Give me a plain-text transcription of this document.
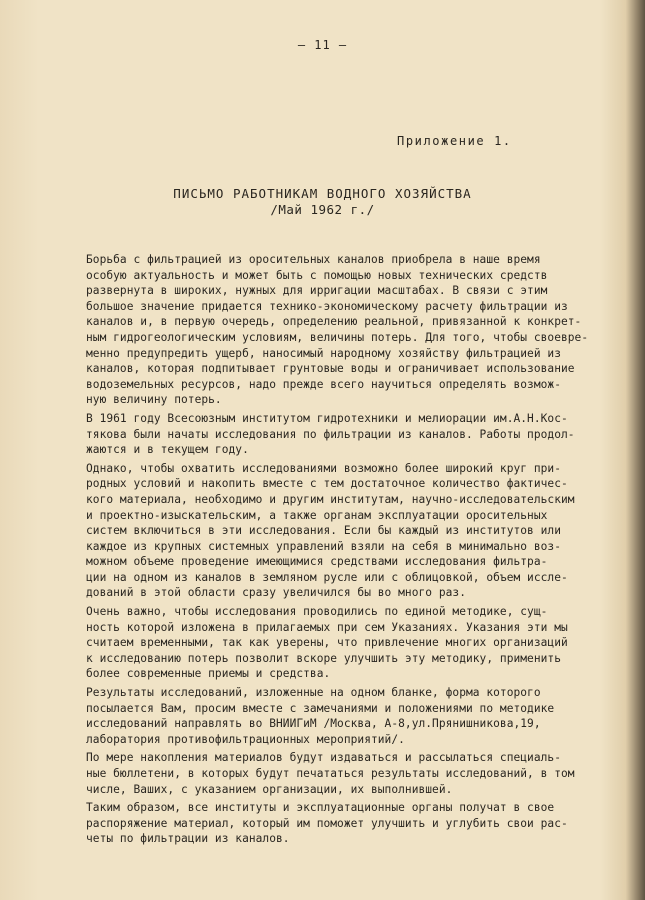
— 11 —
Приложение 1.
ПИСЬМО РАБОТНИКАМ ВОДНОГО ХОЗЯЙСТВА
/Май 1962 г./
Борьба с фильтрацией из оросительных каналов приобрела в наше время
особую актуальность и может быть с помощью новых технических средств
развернута в широких, нужных для ирригации масштабах. В связи с этим
большое значение придается технико-экономическому расчету фильтрации из
каналов и, в первую очередь, определению реальной, привязанной к конкрет-
ным гидрогеологическим условиям, величины потерь. Для того, чтобы своевре-
менно предупредить ущерб, наносимый народному хозяйству фильтрацией из
каналов, которая подпитывает грунтовые воды и ограничивает использование
водоземельных ресурсов, надо прежде всего научиться определять возмож-
ную величину потерь.
В 1961 году Всесоюзным институтом гидротехники и мелиорации им.А.Н.Кос-
тякова были начаты исследования по фильтрации из каналов. Работы продол-
жаются и в текущем году.
Однако, чтобы охватить исследованиями возможно более широкий круг при-
родных условий и накопить вместе с тем достаточное количество фактичес-
кого материала, необходимо и другим институтам, научно-исследовательским
и проектно-изыскательским, а также органам эксплуатации оросительных
систем включиться в эти исследования. Если бы каждый из институтов или
каждое из крупных системных управлений взяли на себя в минимально воз-
можном объеме проведение имеющимися средствами исследования фильтра-
ции на одном из каналов в земляном русле или с облицовкой, объем иссле-
дований в этой области сразу увеличился бы во много раз.
Очень важно, чтобы исследования проводились по единой методике, сущ-
ность которой изложена в прилагаемых при сем Указаниях. Указания эти мы
считаем временными, так как уверены, что привлечение многих организаций
к исследованию потерь позволит вскоре улучшить эту методику, применить
более современные приемы и средства.
Результаты исследований, изложенные на одном бланке, форма которого
посылается Вам, просим вместе с замечаниями и положениями по методике
исследований направлять во ВНИИГиМ /Москва, А-8,ул.Прянишникова,19,
лаборатория противофильтрационных мероприятий/.
По мере накопления материалов будут издаваться и рассылаться специаль-
ные бюллетени, в которых будут печататься результаты исследований, в том
числе, Ваших, с указанием организации, их выполнившей.
Таким образом, все институты и эксплуатационные органы получат в свое
распоряжение материал, который им поможет улучшить и углубить свои рас-
четы по фильтрации из каналов.
